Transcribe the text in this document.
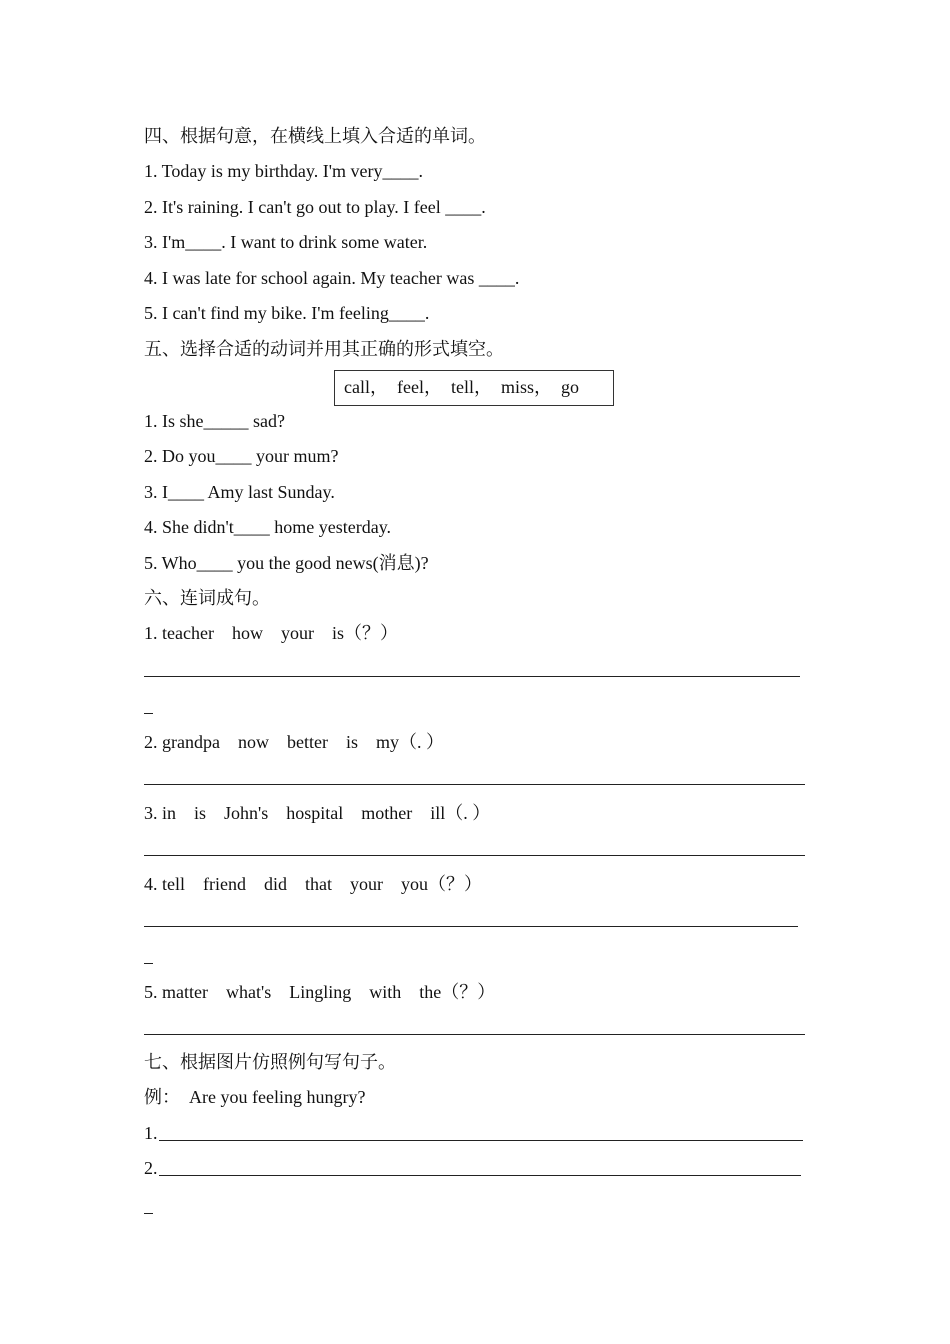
四、根据句意，在横线上填入合适的单词。
1. Today is my birthday. I'm very____.
2. It's raining. I can't go out to play. I feel ____.
3. I'm____. I want to drink some water.
4. I was late for school again. My teacher was ____.
5. I can't find my bike. I'm feeling____.
五、选择合适的动词并用其正确的形式填空。
call，  feel，  tell，  miss，  go
1. Is she_____ sad?
2. Do you____ your mum?
3. I____ Amy last Sunday.
4. She didn't____ home yesterday.
5. Who____ you the good news(消息)?
六、连词成句。
1. teacher    how    your    is（？）
2. grandpa    now    better    is    my（. ）
3. in    is    John's    hospital    mother    ill（. ）
4. tell    friend    did    that    your    you（？）
5. matter    what's    Lingling    with    the（？）
七、根据图片仿照例句写句子。
例：  Are you feeling hungry?
1.
2.
